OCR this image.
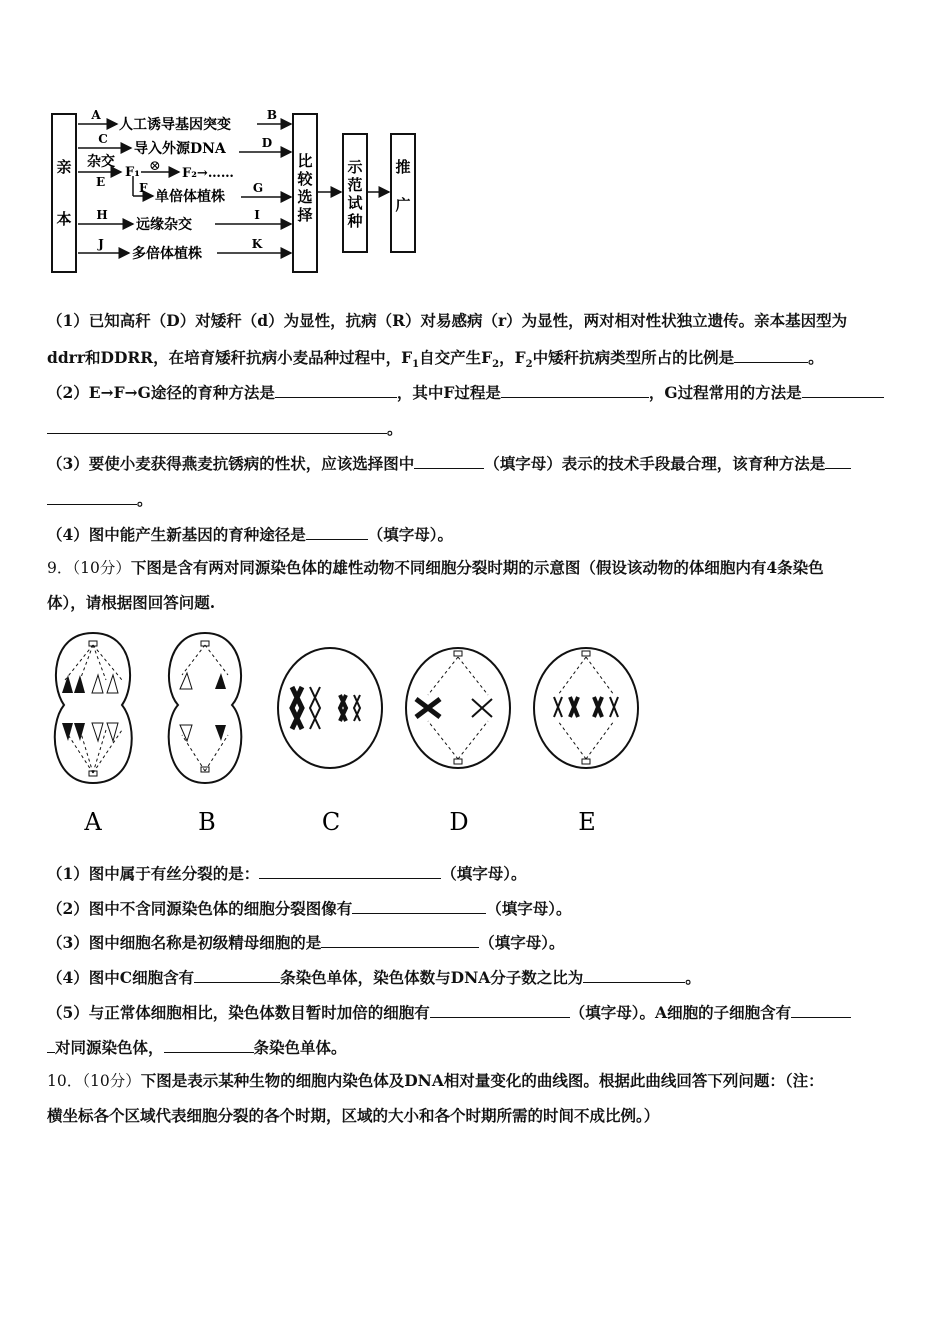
亲
本
比
较
选
择
示
范
试
种
推
广
A
人工诱导基因突变
B
C
导入外源DNA	D
杂交
E
F₁ ⊗ F₂→……
F
单倍体植株
G
H
远缘杂交
I
J
多倍体植株
K
（1）已知高秆（D）对矮秆（d）为显性，抗病（R）对易感病（r）为显性，两对相对性状独立遗传。亲本基因型为
ddrr和DDRR，在培育矮秆抗病小麦品种过程中，$F_1$自交产生$F_2$，$F_2$中矮秆抗病类型所占的比例是	。
（2）E→F→G途径的育种方法是	，其中F过程是	，G过程常用的方法是
。
（3）要使小麦获得燕麦抗锈病的性状，应该选择图中	（填字母）表示的技术手段最合理，该育种方法是
。
（4）图中能产生新基因的育种途径是	（填字母）。
9．（10分）下图是含有两对同源染色体的雄性动物不同细胞分裂时期的示意图（假设该动物的体细胞内有4条染色
体），请根据图回答问题.
A	B	C	D	E
（1）图中属于有丝分裂的是：	（填字母）。
（2）图中不含同源染色体的细胞分裂图像有	（填字母）。
（3）图中细胞名称是初级精母细胞的是	（填字母）。
（4）图中C细胞含有	条染色单体，染色体数与DNA分子数之比为	。
（5）与正常体细胞相比，染色体数目暂时加倍的细胞有	（填字母）。A细胞的子细胞含有
对同源染色体，	条染色单体。
10．（10分）下图是表示某种生物的细胞内染色体及DNA相对量变化的曲线图。根据此曲线回答下列问题：（注：
横坐标各个区域代表细胞分裂的各个时期，区域的大小和各个时期所需的时间不成比例。）
